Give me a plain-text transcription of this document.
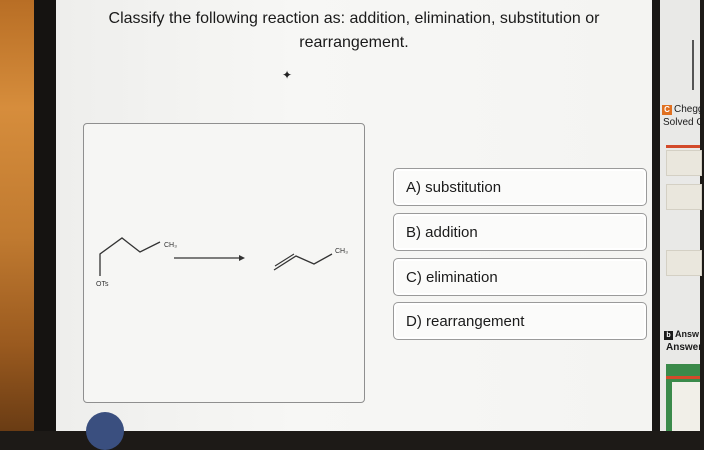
Classify the following reaction as: addition, elimination, substitution or
rearrangement.
✦
OTs
CH₃
CH₃
A) substitution
B) addition
C) elimination
D) rearrangement
C Chegg
Solved C
b Answ
Answer
